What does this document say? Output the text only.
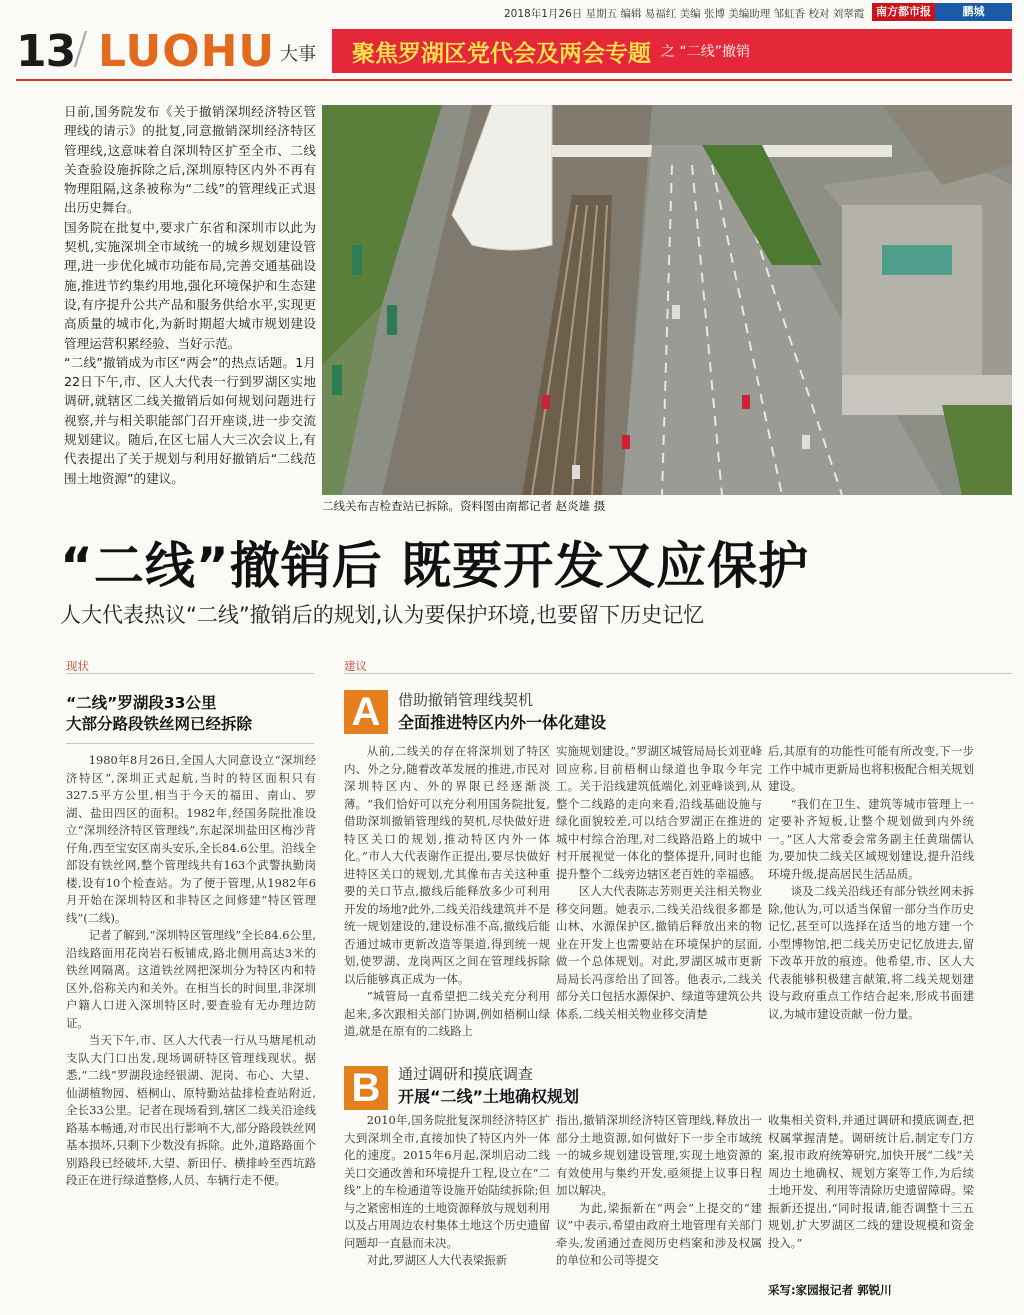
2018年1月26日 星期五 编辑 易福红 美编 张博 美编助理 邹虹香 校对 刘翠霞	南方都市报	鹏城
13
/ LUOHU 大事 聚焦罗湖区党代会及两会专题 之 “二线”撤销

日前,国务院发布《关于撤销深圳经济特区管理线的请示》的批复,同意撤销深圳经济特区管理线,这意味着自深圳特区扩至全市、二线关查验设施拆除之后,深圳原特区内外不再有物理阻隔,这条被称为“二线”的管理线正式退出历史舞台。

国务院在批复中,要求广东省和深圳市以此为契机,实施深圳全市域统一的城乡规划建设管理,进一步优化城市功能布局,完善交通基础设施,推进节约集约用地,强化环境保护和生态建设,有序提升公共产品和服务供给水平,实现更高质量的城市化,为新时期超大城市规划建设管理运营积累经验、当好示范。

“二线”撤销成为市区“两会”的热点话题。1月22日下午,市、区人大代表一行到罗湖区实地调研,就辖区二线关撤销后如何规划问题进行视察,并与相关职能部门召开座谈,进一步交流规划建议。随后,在区七届人大三次会议上,有代表提出了关于规划与利用好撤销后“二线范围土地资源”的建议。

二线关布吉检查站已拆除。资料图由南都记者 赵炎雄 摄
“二线”撤销后 既要开发又应保护
人大代表热议“二线”撤销后的规划,认为要保护环境,也要留下历史记忆
现状
“二线”罗湖段33公里
大部分路段铁丝网已经拆除

1980年8月26日,全国人大同意设立“深圳经济特区”,深圳正式起航,当时的特区面积只有327.5平方公里,相当于今天的福田、南山、罗湖、盐田四区的面积。1982年,经国务院批准设立“深圳经济特区管理线”,东起深圳盐田区梅沙背仔角,西至宝安区南头安乐,全长84.6公里。沿线全部设有铁丝网,整个管理线共有163个武警执勤岗楼,设有10个检查站。为了便于管理,从1982年6月开始在深圳特区和非特区之间修建“特区管理线”(二线)。

记者了解到,“深圳特区管理线”全长84.6公里,沿线路面用花岗岩石板铺成,路北侧用高达3米的铁丝网隔离。这道铁丝网把深圳分为特区内和特区外,俗称关内和关外。在相当长的时间里,非深圳户籍人口进入深圳特区时,要查验有无办理边防证。

当天下午,市、区人大代表一行从马塘尾机动支队大门口出发,现场调研特区管理线现状。据悉,“二线”罗湖段途经银湖、泥岗、布心、大望、仙湖植物园、梧桐山、原特勤站盐排检查站附近,全长33公里。记者在现场看到,辖区二线关沿途线路基本畅通,对市民出行影响不大,部分路段铁丝网基本损坏,只剩下少数没有拆除。此外,道路路面个别路段已经破坏,大望、新田仔、横排岭至西坑路段正在进行绿道整修,人员、车辆行走不便。

建议
A	借助撤销管理线契机
全面推进特区内外一体化建设

从前,二线关的存在将深圳划了特区内、外之分,随着改革发展的推进,市民对深圳特区内、外的界限已经逐渐淡薄。“我们恰好可以充分利用国务院批复,借助深圳撤销管理线的契机,尽快做好进特区关口的规划,推动特区内外一体化。”市人大代表谢作正提出,要尽快做好进特区关口的规划,尤其像布吉关这种重要的关口节点,撤线后能释放多少可利用开发的场地?此外,二线关沿线建筑并不是统一规划建设的,建设标准不高,撤线后能否通过城市更新改造等渠道,得到统一规划,使罗湖、龙岗两区之间在管理线拆除以后能够真正成为一体。

“城管局一直希望把二线关充分利用起来,多次跟相关部门协调,例如梧桐山绿道,就是在原有的二线路上

实施规划建设。”罗湖区城管局局长刘亚峰回应称,目前梧桐山绿道也争取今年完工。关于沿线建筑低端化,刘亚峰谈到,从整个二线路的走向来看,沿线基础设施与绿化面貌较差,可以结合罗湖正在推进的城中村综合治理,对二线路沿路上的城中村开展视觉一体化的整体提升,同时也能提升整个二线旁边辖区老百姓的幸福感。

区人大代表陈志芳则更关注相关物业移交问题。她表示,二线关沿线很多都是山林、水源保护区,撤销后释放出来的物业在开发上也需要站在环境保护的层面,做一个总体规划。对此,罗湖区城市更新局局长冯彦给出了回答。他表示,二线关部分关口包括水源保护、绿道等建筑公共体系,二线关相关物业移交清楚

后,其原有的功能性可能有所改变,下一步工作中城市更新局也将积极配合相关规划建设。

“我们在卫生、建筑等城市管理上一定要补齐短板,让整个规划做到内外统一。”区人大常委会常务副主任黄瑞儒认为,要加快二线关区域规划建设,提升沿线环境升级,提高居民生活品质。

谈及二线关沿线还有部分铁丝网未拆除,他认为,可以适当保留一部分当作历史记忆,甚至可以选择在适当的地方建一个小型博物馆,把二线关历史记忆放进去,留下改革开放的痕迹。他希望,市、区人大代表能够积极建言献策,将二线关规划建设与政府重点工作结合起来,形成书面建议,为城市建设贡献一份力量。

B	通过调研和摸底调查
开展“二线”土地确权规划

2010年,国务院批复深圳经济特区扩大到深圳全市,直接加快了特区内外一体化的速度。2015年6月起,深圳启动二线关口交通改善和环境提升工程,设立在“二线”上的车检通道等设施开始陆续拆除;但与之紧密相连的土地资源释放与规划利用以及占用周边农村集体土地这个历史遗留问题却一直悬而未决。

对此,罗湖区人大代表梁振新

指出,撤销深圳经济特区管理线,释放出一部分土地资源,如何做好下一步全市域统一的城乡规划建设管理,实现土地资源的有效使用与集约开发,亟须提上议事日程加以解决。

为此,梁振新在“两会”上提交的“建议”中表示,希望由政府土地管理有关部门牵头,发函通过查阅历史档案和涉及权属的单位和公司等提交

收集相关资料,并通过调研和摸底调查,把权属掌握清楚。调研统计后,制定专门方案,报市政府统筹研究,加快开展“二线”关周边土地确权、规划方案等工作,为后续土地开发、利用等清除历史遗留障碍。梁振新还提出,“同时报请,能否调整十三五规划,扩大罗湖区二线的建设规模和资金投入。”

采写:家园报记者 郭锐川
